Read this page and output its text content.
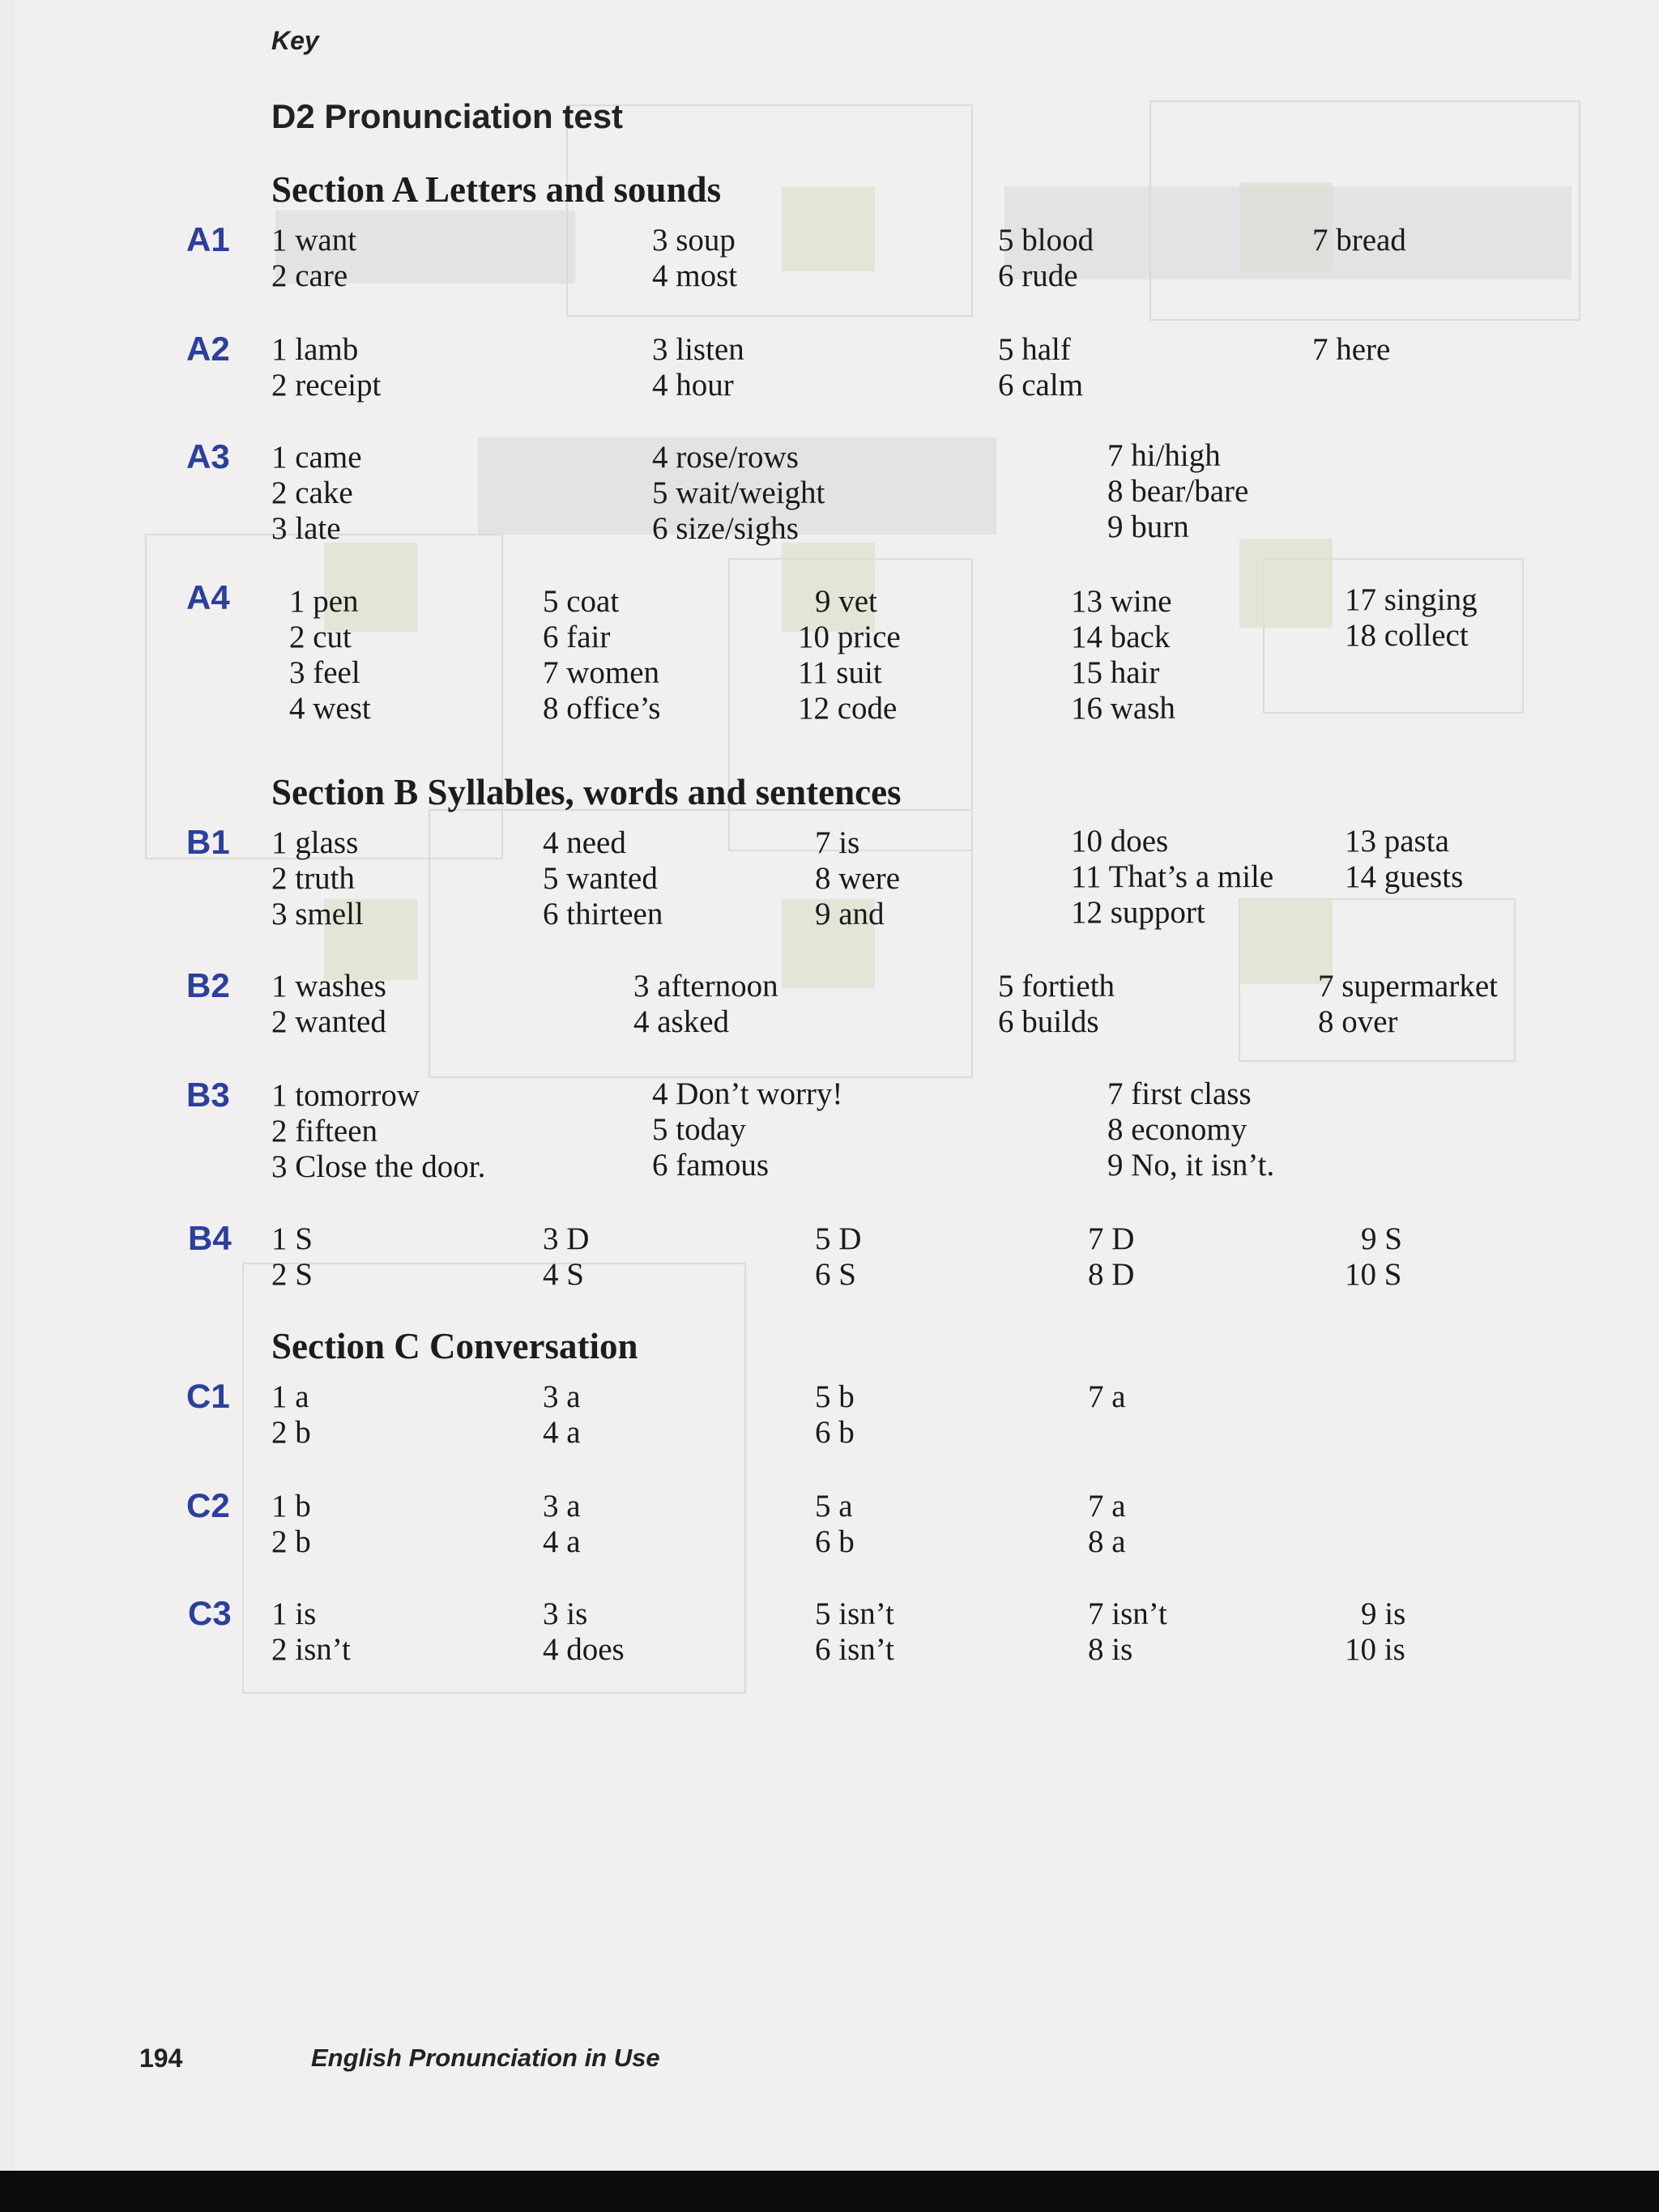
Key
D2 Pronunciation test
Section A Letters and sounds
A1 1 want
2 care
3 soup
4 most
5 blood
6 rude
7 bread
A2 1 lamb
2 receipt
3 listen
4 hour
5 half
6 calm
7 here
A3 1 came
2 cake
3 late
4 rose/rows
5 wait/weight
6 size/sighs
7 hi/high
8 bear/bare
9 burn
A4 1 pen
2 cut
3 feel
4 west
5 coat
6 fair
7 women
8 office’s
9 vet
10 price
11 suit
12 code
13 wine
14 back
15 hair
16 wash
17 singing
18 collect
Section B Syllables, words and sentences
B1 1 glass
2 truth
3 smell
4 need
5 wanted
6 thirteen
7 is
8 were
9 and
10 does
11 That’s a mile
12 support
13 pasta
14 guests
B2 1 washes
2 wanted
3 afternoon
4 asked
5 fortieth
6 builds
7 supermarket
8 over
B3 1 tomorrow
2 fifteen
3 Close the door.
4 Don’t worry!
5 today
6 famous
7 first class
8 economy
9 No, it isn’t.
B4 1 S
2 S
3 D
4 S
5 D
6 S
7 D
8 D
9 S
10 S
Section C Conversation
C1 1 a
2 b
3 a
4 a
5 b
6 b
7 a
C2 1 b
2 b
3 a
4 a
5 a
6 b
7 a
8 a
C3 1 is
2 isn’t
3 is
4 does
5 isn’t
6 isn’t
7 isn’t
8 is
9 is
10 is
194	English Pronunciation in Use
